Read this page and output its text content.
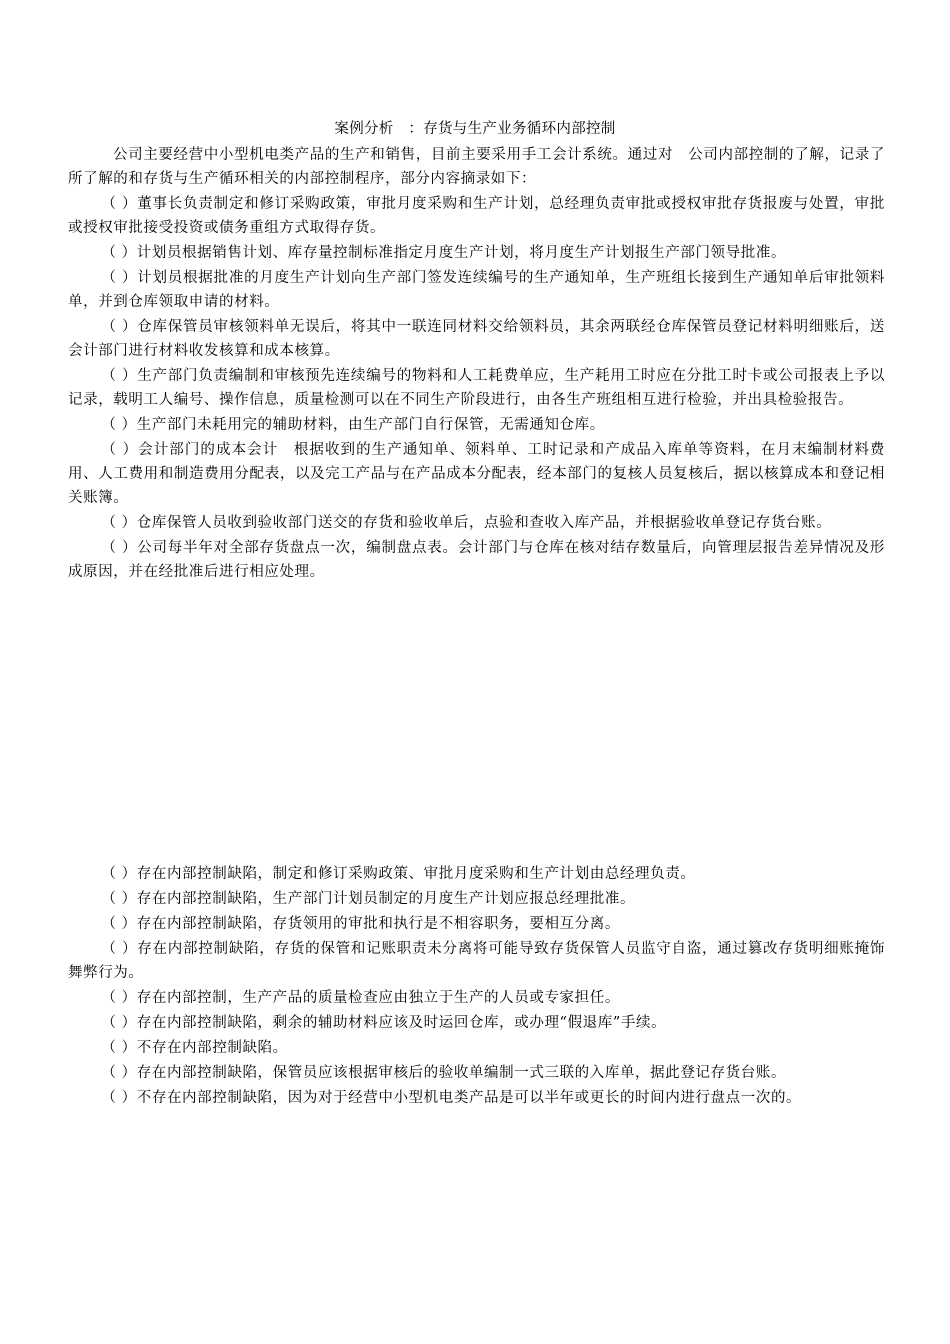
案例分析　：存货与生产业务循环内部控制

公司主要经营中小型机电类产品的生产和销售，目前主要采用手工会计系统。通过对　公司内部控制的了解，记录了所了解的和存货与生产循环相关的内部控制程序，部分内容摘录如下：

（ ）董事长负责制定和修订采购政策，审批月度采购和生产计划，总经理负责审批或授权审批存货报废与处置，审批或授权审批接受投资或债务重组方式取得存货。

（ ）计划员根据销售计划、库存量控制标准指定月度生产计划，将月度生产计划报生产部门领导批准。

（ ）计划员根据批准的月度生产计划向生产部门签发连续编号的生产通知单，生产班组长接到生产通知单后审批领料单，并到仓库领取申请的材料。

（ ）仓库保管员审核领料单无误后，将其中一联连同材料交给领料员，其余两联经仓库保管员登记材料明细账后，送会计部门进行材料收发核算和成本核算。

（ ）生产部门负责编制和审核预先连续编号的物料和人工耗费单应，生产耗用工时应在分批工时卡或公司报表上予以记录，载明工人编号、操作信息，质量检测可以在不同生产阶段进行，由各生产班组相互进行检验，并出具检验报告。

（ ）生产部门未耗用完的辅助材料，由生产部门自行保管，无需通知仓库。

（ ）会计部门的成本会计　根据收到的生产通知单、领料单、工时记录和产成品入库单等资料，在月末编制材料费用、人工费用和制造费用分配表，以及完工产品与在产品成本分配表，经本部门的复核人员复核后，据以核算成本和登记相关账簿。

（ ）仓库保管人员收到验收部门送交的存货和验收单后，点验和查收入库产品，并根据验收单登记存货台账。

（ ）公司每半年对全部存货盘点一次，编制盘点表。会计部门与仓库在核对结存数量后，向管理层报告差异情况及形成原因，并在经批准后进行相应处理。

（ ）存在内部控制缺陷，制定和修订采购政策、审批月度采购和生产计划由总经理负责。

（ ）存在内部控制缺陷，生产部门计划员制定的月度生产计划应报总经理批准。

（ ）存在内部控制缺陷，存货领用的审批和执行是不相容职务，要相互分离。

（ ）存在内部控制缺陷，存货的保管和记账职责未分离将可能导致存货保管人员监守自盗，通过篡改存货明细账掩饰舞弊行为。

（ ）存在内部控制，生产产品的质量检查应由独立于生产的人员或专家担任。

（ ）存在内部控制缺陷，剩余的辅助材料应该及时运回仓库，或办理“假退库”手续。

（ ）不存在内部控制缺陷。

（ ）存在内部控制缺陷，保管员应该根据审核后的验收单编制一式三联的入库单，据此登记存货台账。

（ ）不存在内部控制缺陷，因为对于经营中小型机电类产品是可以半年或更长的时间内进行盘点一次的。
